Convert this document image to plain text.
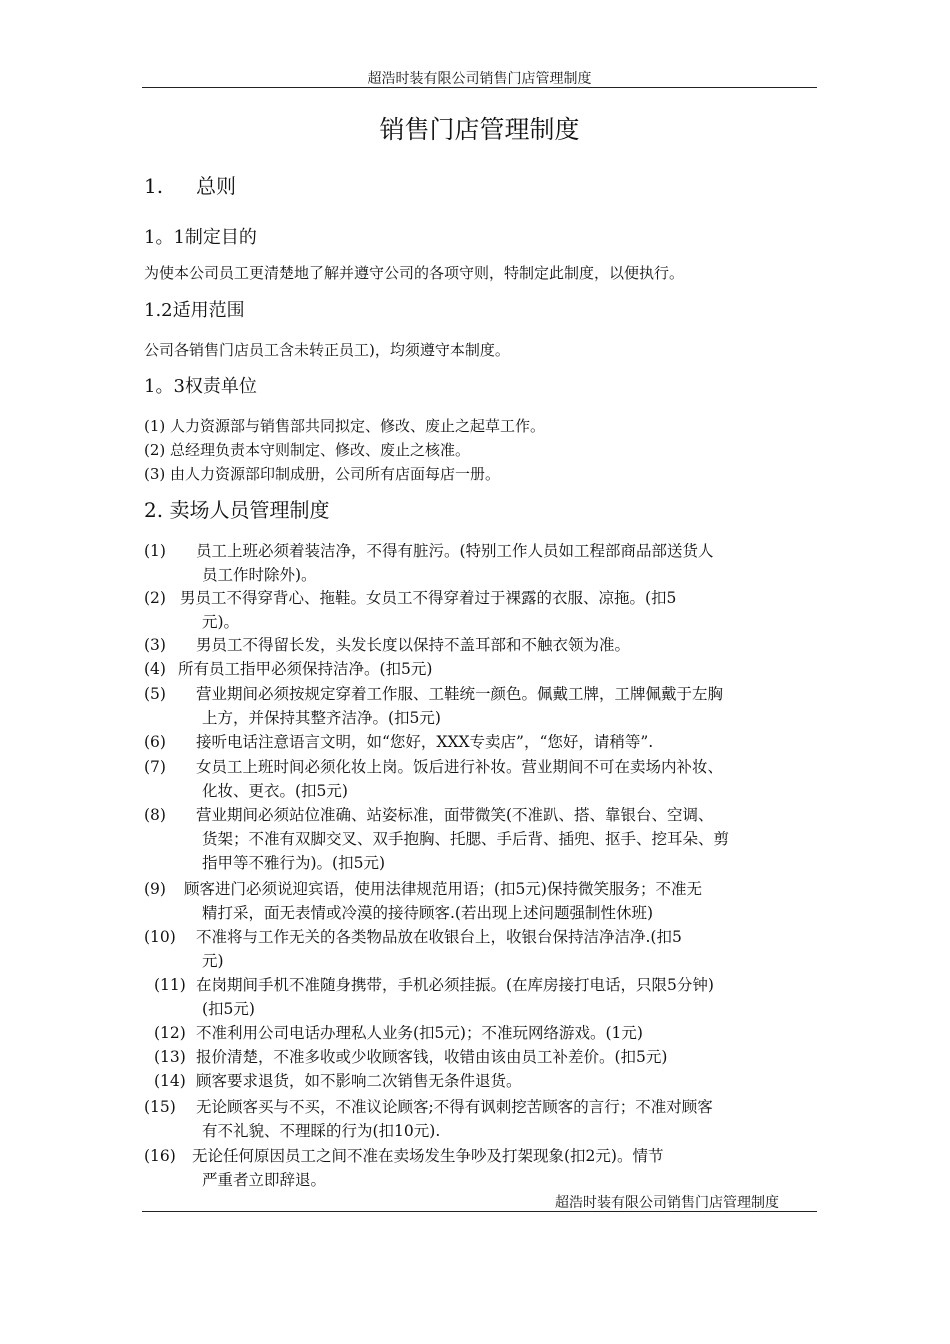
超浩时装有限公司销售门店管理制度
销售门店管理制度
1. 总则
1。1制定目的
为使本公司员工更清楚地了解并遵守公司的各项守则，特制定此制度，以便执行。
1.2适用范围
公司各销售门店员工含未转正员工)，均须遵守本制度。
1。3权责单位
(1) 人力资源部与销售部共同拟定、修改、废止之起草工作。
(2) 总经理负责本守则制定、修改、废止之核准。
(3) 由人力资源部印制成册，公司所有店面每店一册。
2. 卖场人员管理制度
(1) 员工上班必须着装洁净，不得有脏污。(特别工作人员如工程部商品部送货人
员工作时除外)。
(2) 男员工不得穿背心、拖鞋。女员工不得穿着过于裸露的衣服、凉拖。(扣5
元)。
(3) 男员工不得留长发，头发长度以保持不盖耳部和不触衣领为准。
(4) 所有员工指甲必须保持洁净。(扣5元)
(5) 营业期间必须按规定穿着工作服、工鞋统一颜色。佩戴工牌，工牌佩戴于左胸
上方，并保持其整齐洁净。(扣5元)
(6) 接听电话注意语言文明，如“您好，XXX专卖店”，“您好，请稍等”.
(7) 女员工上班时间必须化妆上岗。饭后进行补妆。营业期间不可在卖场内补妆、
化妆、更衣。(扣5元)
(8) 营业期间必须站位准确、站姿标准，面带微笑(不准趴、搭、靠银台、空调、
货架；不准有双脚交叉、双手抱胸、托腮、手后背、插兜、抠手、挖耳朵、剪
指甲等不雅行为)。(扣5元)
(9) 顾客进门必须说迎宾语，使用法律规范用语；(扣5元)保持微笑服务；不准无
精打采，面无表情或冷漠的接待顾客.(若出现上述问题强制性休班)
(10) 不准将与工作无关的各类物品放在收银台上，收银台保持洁净洁净.(扣5
元)
(11) 在岗期间手机不准随身携带，手机必须挂振。(在库房接打电话，只限5分钟)
(扣5元)
(12) 不准利用公司电话办理私人业务(扣5元)；不准玩网络游戏。(1元)
(13) 报价清楚，不准多收或少收顾客钱，收错由该由员工补差价。(扣5元)
(14) 顾客要求退货，如不影响二次销售无条件退货。
(15) 无论顾客买与不买，不准议论顾客;不得有讽刺挖苦顾客的言行；不准对顾客
有不礼貌、不理睬的行为(扣10元).
(16) 无论任何原因员工之间不准在卖场发生争吵及打架现象(扣2元)。情节
严重者立即辞退。
超浩时装有限公司销售门店管理制度
